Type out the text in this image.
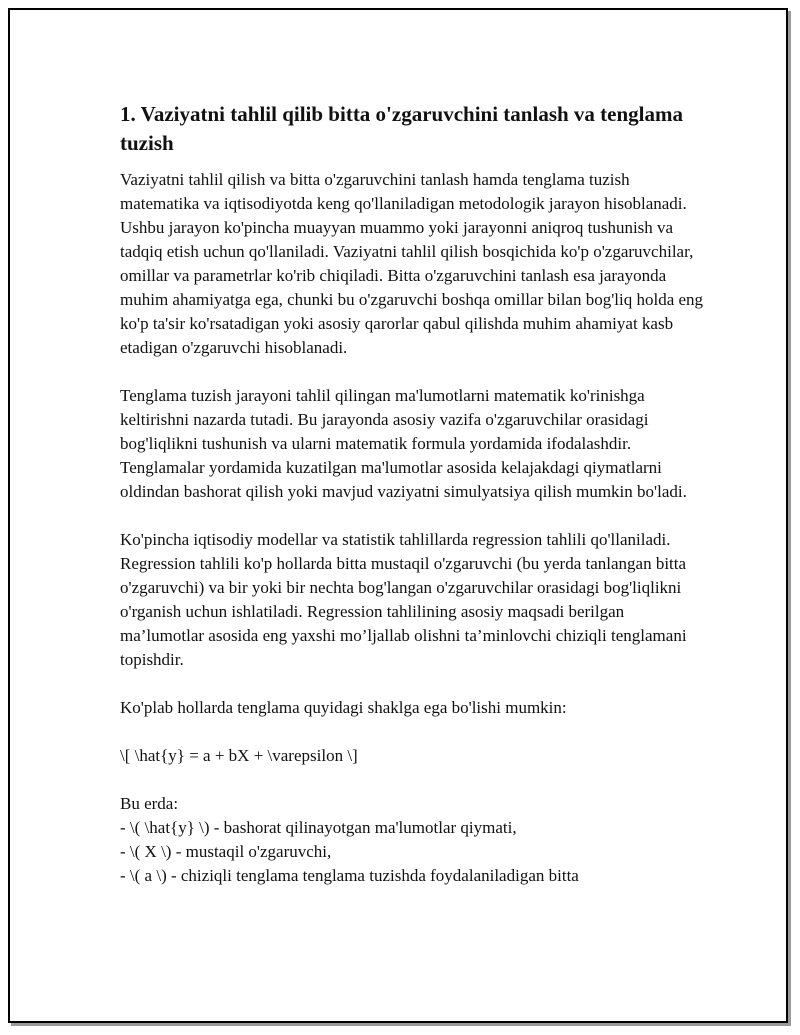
1. Vaziyatni tahlil qilib bitta o'zgaruvchini tanlash va tenglama tuzish

Vaziyatni tahlil qilish va bitta o'zgaruvchini tanlash hamda tenglama tuzish matematika va iqtisodiyotda keng qo'llaniladigan metodologik jarayon hisoblanadi. Ushbu jarayon ko'pincha muayyan muammo yoki jarayonni aniqroq tushunish va tadqiq etish uchun qo'llaniladi. Vaziyatni tahlil qilish bosqichida ko'p o'zgaruvchilar, omillar va parametrlar ko'rib chiqiladi. Bitta o'zgaruvchini tanlash esa jarayonda muhim ahamiyatga ega, chunki bu o'zgaruvchi boshqa omillar bilan bog'liq holda eng ko'p ta'sir ko'rsatadigan yoki asosiy qarorlar qabul qilishda muhim ahamiyat kasb etadigan o'zgaruvchi hisoblanadi.

Tenglama tuzish jarayoni tahlil qilingan ma'lumotlarni matematik ko'rinishga keltirishni nazarda tutadi. Bu jarayonda asosiy vazifa o'zgaruvchilar orasidagi bog'liqlikni tushunish va ularni matematik formula yordamida ifodalashdir. Tenglamalar yordamida kuzatilgan ma'lumotlar asosida kelajakdagi qiymatlarni oldindan bashorat qilish yoki mavjud vaziyatni simulyatsiya qilish mumkin bo'ladi.

Ko'pincha iqtisodiy modellar va statistik tahlillarda regression tahlili qo'llaniladi. Regression tahlili ko'p hollarda bitta mustaqil o'zgaruvchi (bu yerda tanlangan bitta o'zgaruvchi) va bir yoki bir nechta bog'langan o'zgaruvchilar orasidagi bog'liqlikni o'rganish uchun ishlatiladi. Regression tahlilining asosiy maqsadi berilgan ma’lumotlar asosida eng yaxshi mo’ljallab olishni ta’minlovchi chiziqli tenglamani topishdir.

Ko'plab hollarda tenglama quyidagi shaklga ega bo'lishi mumkin:

\[ \hat{y} = a + bX + \varepsilon \]

Bu erda:

- \( \hat{y} \) - bashorat qilinayotgan ma'lumotlar qiymati,
- \( X \) - mustaqil o'zgaruvchi,
- \( a \) - chiziqli tenglama tenglama tuzishda foydalaniladigan bitta
